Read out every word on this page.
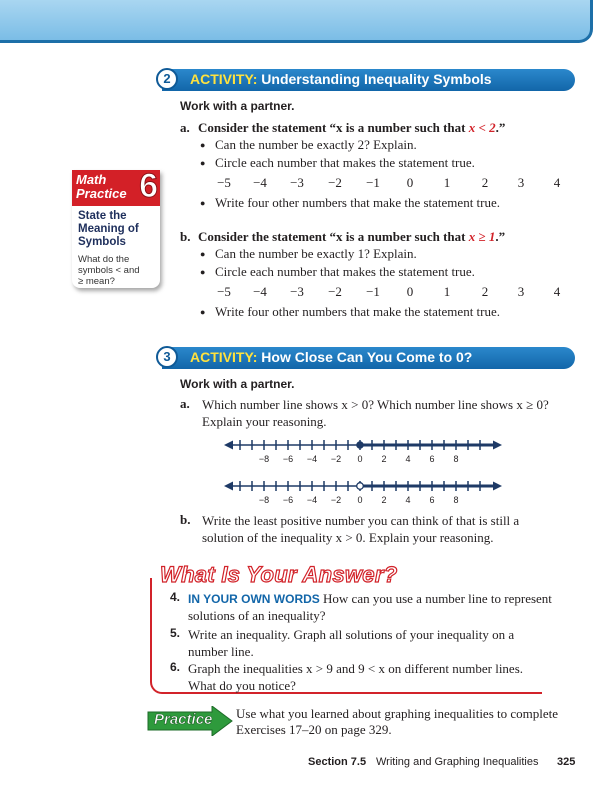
2	ACTIVITY: Understanding Inequality Symbols
Work with a partner.
a. Consider the statement “x is a number such that x < 2.”
● Can the number be exactly 2? Explain.
● Circle each number that makes the statement true.
−5	−4	−3	−2	−1	0	1	2	3	4
● Write four other numbers that make the statement true.
b. Consider the statement “x is a number such that x ≥ 1.”
● Can the number be exactly 1? Explain.
● Circle each number that makes the statement true.
−5	−4	−3	−2	−1	0	1	2	3	4
● Write four other numbers that make the statement true.
Math
Practice 6
State the
Meaning of
Symbols
What do the
symbols < and
≥ mean?
3	ACTIVITY: How Close Can You Come to 0?
Work with a partner.
a. Which number line shows x > 0? Which number line shows x ≥ 0?
Explain your reasoning.
−8 −6 −4 −2 0 2 4 6 8
−8 −6 −4 −2 0 2 4 6 8
b. Write the least positive number you can think of that is still a
solution of the inequality x > 0. Explain your reasoning.
What Is Your Answer?
4. IN YOUR OWN WORDS How can you use a number line to represent
solutions of an inequality?
5. Write an inequality. Graph all solutions of your inequality on a
number line.
6. Graph the inequalities x > 9 and 9 < x on different number lines.
What do you notice?
Practice Use what you learned about graphing inequalities to complete
Exercises 17–20 on page 329.
Section 7.5 Writing and Graphing Inequalities 325
